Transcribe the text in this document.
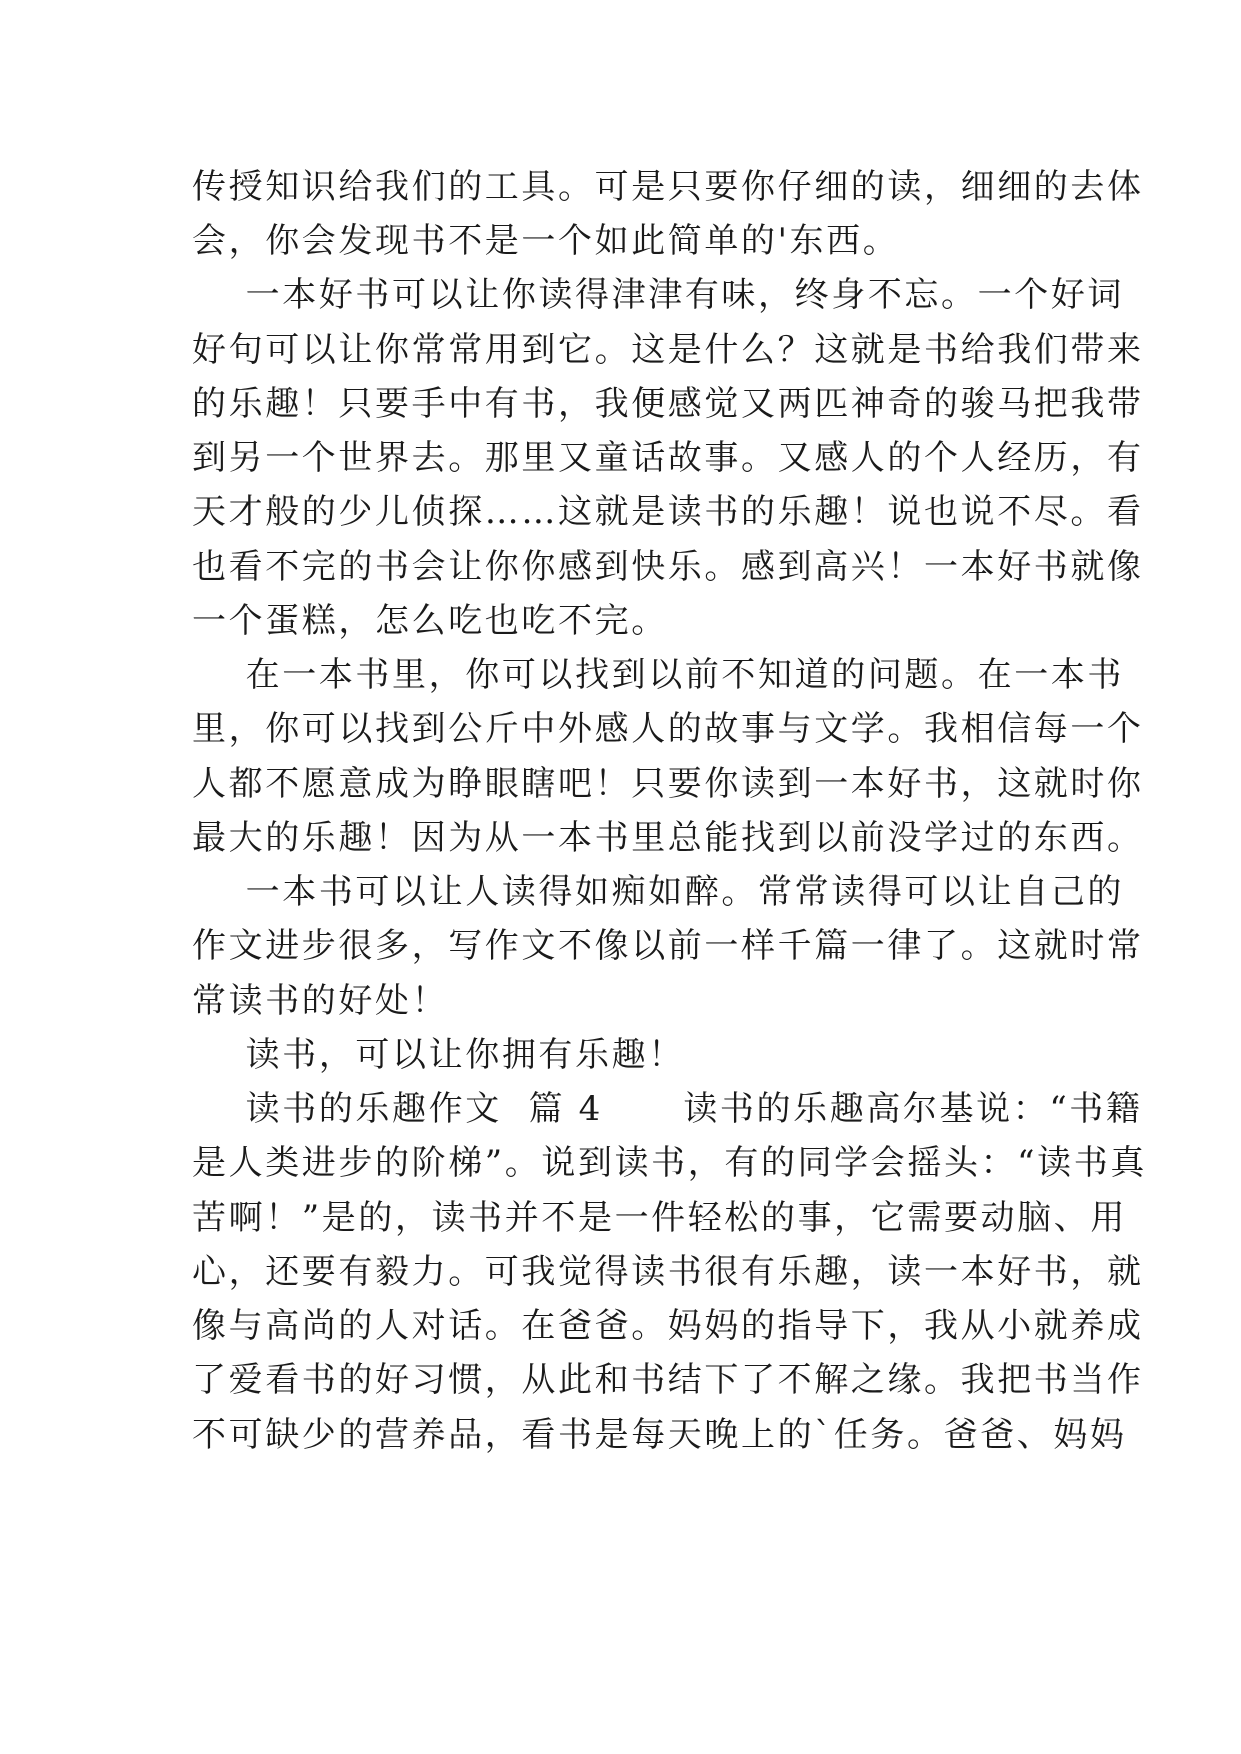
传授知识给我们的工具。可是只要你仔细的读，细细的去体
会，你会发现书不是一个如此简单的'东西。
一本好书可以让你读得津津有味，终身不忘。一个好词
好句可以让你常常用到它。这是什么？这就是书给我们带来
的乐趣！只要手中有书，我便感觉又两匹神奇的骏马把我带
到另一个世界去。那里又童话故事。又感人的个人经历，有
天才般的少儿侦探……这就是读书的乐趣！说也说不尽。看
也看不完的书会让你你感到快乐。感到高兴！一本好书就像
一个蛋糕，怎么吃也吃不完。
在一本书里，你可以找到以前不知道的问题。在一本书
里，你可以找到公斤中外感人的故事与文学。我相信每一个
人都不愿意成为睁眼瞎吧！只要你读到一本好书，这就时你
最大的乐趣！因为从一本书里总能找到以前没学过的东西。
一本书可以让人读得如痴如醉。常常读得可以让自己的
作文进步很多，写作文不像以前一样千篇一律了。这就时常
常读书的好处！
读书，可以让你拥有乐趣！
读书的乐趣作文  篇 4      读书的乐趣高尔基说：“书籍
是人类进步的阶梯”。说到读书，有的同学会摇头：“读书真
苦啊！”是的，读书并不是一件轻松的事，它需要动脑、用
心，还要有毅力。可我觉得读书很有乐趣，读一本好书，就
像与高尚的人对话。在爸爸。妈妈的指导下，我从小就养成
了爱看书的好习惯，从此和书结下了不解之缘。我把书当作
不可缺少的营养品，看书是每天晚上的`任务。爸爸、妈妈
